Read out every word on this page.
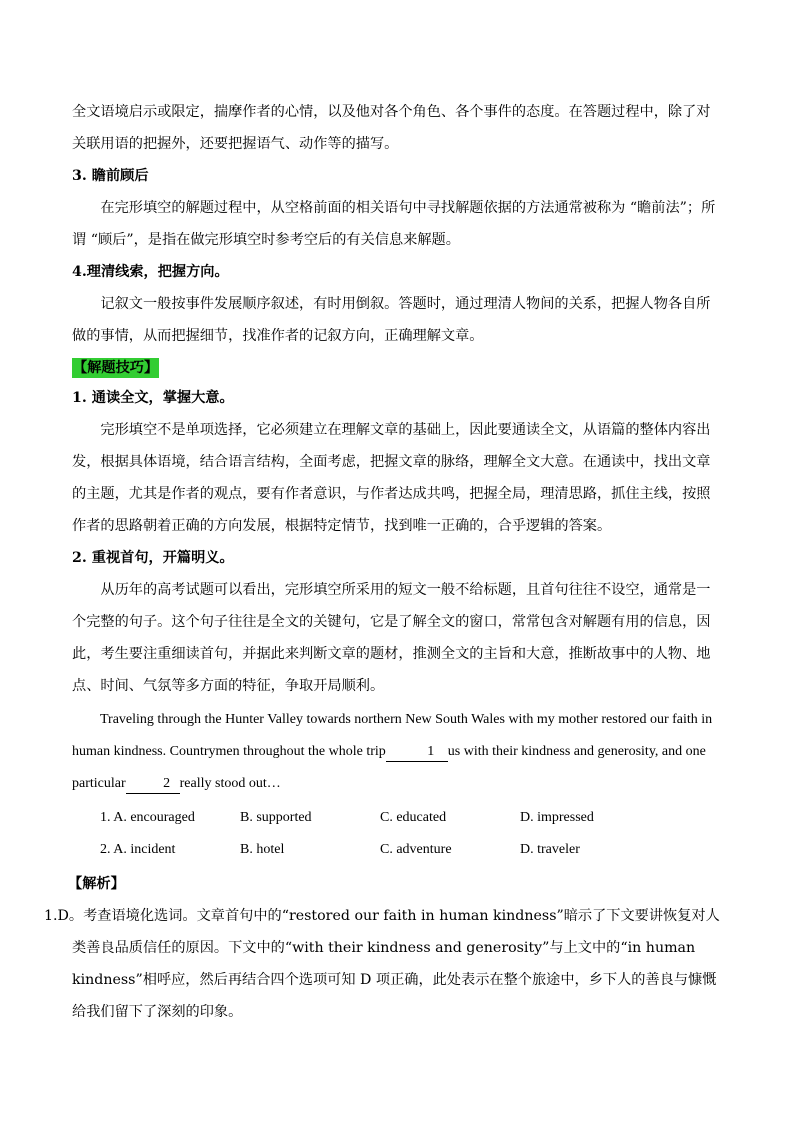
全文语境启示或限定，揣摩作者的心情，以及他对各个角色、各个事件的态度。在答题过程中，除了对关联用语的把握外，还要把握语气、动作等的描写。

3. 瞻前顾后

在完形填空的解题过程中，从空格前面的相关语句中寻找解题依据的方法通常被称为 “瞻前法”；所谓 “顾后”，是指在做完形填空时参考空后的有关信息来解题。

4.理清线索，把握方向。

记叙文一般按事件发展顺序叙述，有时用倒叙。答题时，通过理清人物间的关系，把握人物各自所做的事情，从而把握细节，找准作者的记叙方向，正确理解文章。

【解题技巧】

1. 通读全文，掌握大意。

完形填空不是单项选择，它必须建立在理解文章的基础上，因此要通读全文，从语篇的整体内容出发，根据具体语境，结合语言结构，全面考虑，把握文章的脉络，理解全文大意。在通读中，找出文章的主题，尤其是作者的观点，要有作者意识，与作者达成共鸣，把握全局，理清思路，抓住主线，按照作者的思路朝着正确的方向发展，根据特定情节，找到唯一正确的，合乎逻辑的答案。

2. 重视首句，开篇明义。

从历年的高考试题可以看出，完形填空所采用的短文一般不给标题，且首句往往不设空，通常是一个完整的句子。这个句子往往是全文的关键句，它是了解全文的窗口，常常包含对解题有用的信息，因此，考生要注重细读首句，并据此来判断文章的题材，推测全文的主旨和大意，推断故事中的人物、地点、时间、气氛等多方面的特征，争取开局顺利。

Traveling through the Hunter Valley towards northern New South Wales with my mother restored our faith in human kindness. Countrymen throughout the whole trip	1 us with their kindness and generosity, and one particular	2 really stood out…

1. A. encouraged	B. supported	C. educated	D. impressed
2. A. incident	B. hotel	C. adventure	D. traveler

【解析】

1.D。考查语境化选词。文章首句中的“restored our faith in human kindness”暗示了下文要讲恢复对人类善良品质信任的原因。下文中的“with their kindness and generosity”与上文中的“in human kindness”相呼应，然后再结合四个选项可知 D 项正确，此处表示在整个旅途中，乡下人的善良与慷慨给我们留下了深刻的印象。
